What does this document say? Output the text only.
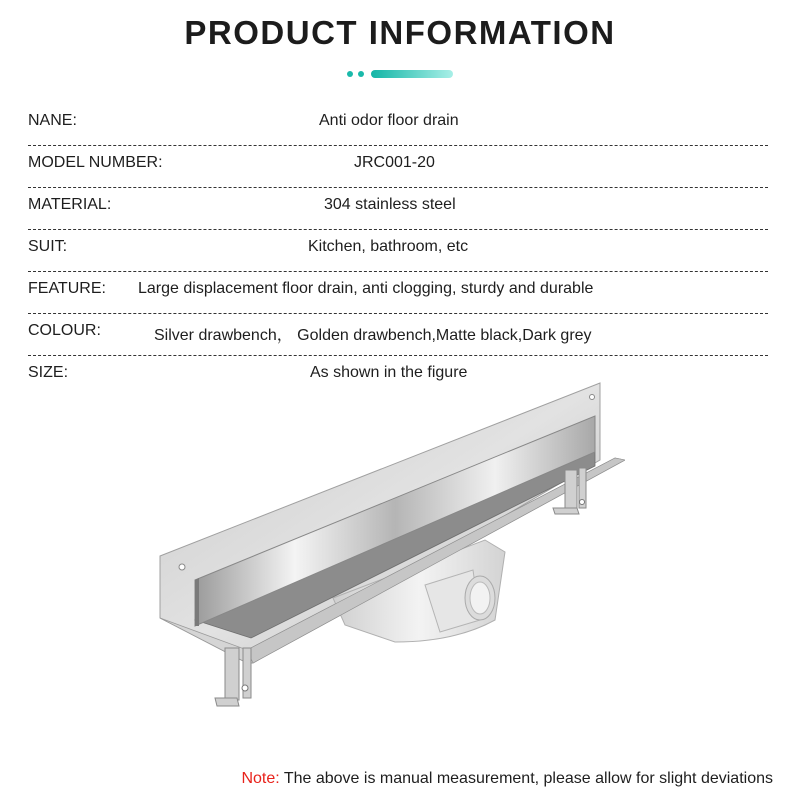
PRODUCT INFORMATION
NANE:	Anti odor floor drain
MODEL NUMBER:	JRC001-20
MATERIAL:	304 stainless steel
SUIT:	Kitchen, bathroom, etc
FEATURE: Large displacement floor drain, anti clogging, sturdy and durable
COLOUR:	Silver drawbench， Golden drawbench,Matte black,Dark grey
SIZE:	As shown in the figure
Note: The above is manual measurement, please allow for slight deviations
